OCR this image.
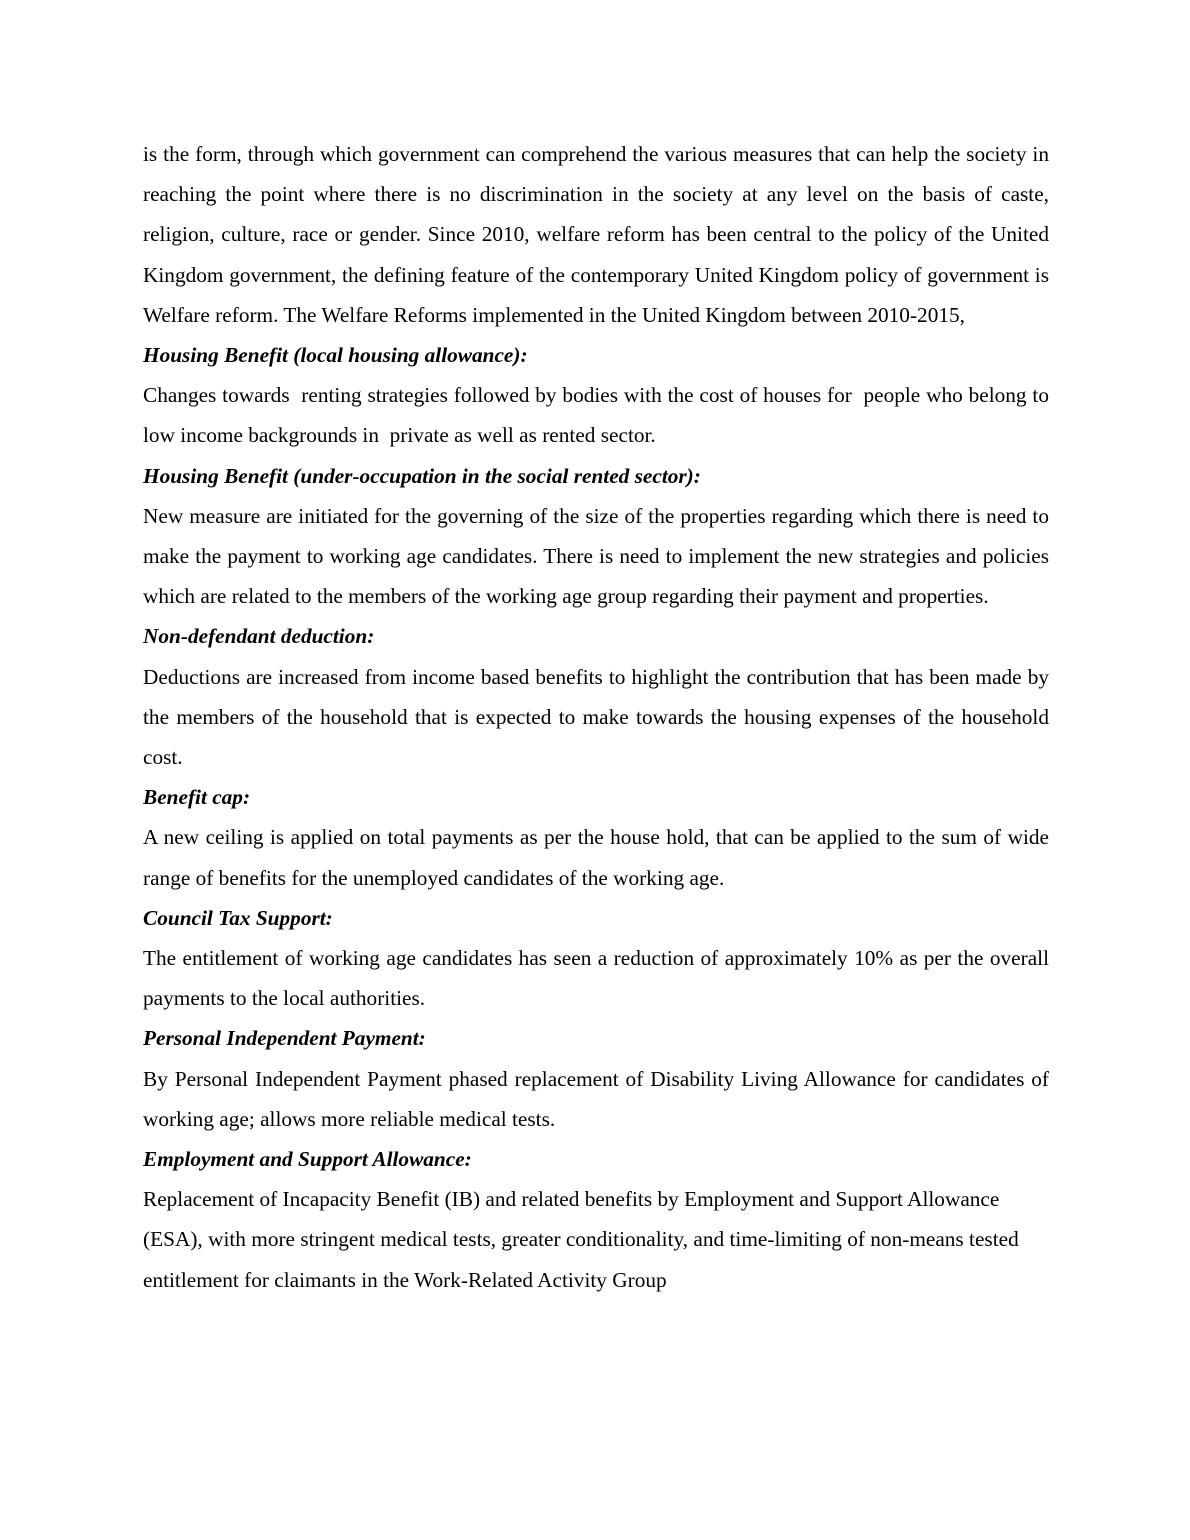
is the form, through which government can comprehend the various measures that can help the society in reaching the point where there is no discrimination in the society at any level on the basis of caste, religion, culture, race or gender. Since 2010, welfare reform has been central to the policy of the United Kingdom government, the defining feature of the contemporary United Kingdom policy of government is Welfare reform. The Welfare Reforms implemented in the United Kingdom between 2010-2015,

Housing Benefit (local housing allowance):

Changes towards  renting strategies followed by bodies with the cost of houses for  people who belong to low income backgrounds in  private as well as rented sector.

Housing Benefit (under-occupation in the social rented sector):

New measure are initiated for the governing of the size of the properties regarding which there is need to make the payment to working age candidates. There is need to implement the new strategies and policies which are related to the members of the working age group regarding their payment and properties.

Non-defendant deduction:

Deductions are increased from income based benefits to highlight the contribution that has been made by the members of the household that is expected to make towards the housing expenses of the household cost.

Benefit cap:

A new ceiling is applied on total payments as per the house hold, that can be applied to the sum of wide range of benefits for the unemployed candidates of the working age.

Council Tax Support:

The entitlement of working age candidates has seen a reduction of approximately 10% as per the overall payments to the local authorities.

Personal Independent Payment:

By Personal Independent Payment phased replacement of Disability Living Allowance for candidates of working age; allows more reliable medical tests.

Employment and Support Allowance:

Replacement of Incapacity Benefit (IB) and related benefits by Employment and Support Allowance (ESA), with more stringent medical tests, greater conditionality, and time-limiting of non-means tested entitlement for claimants in the Work-Related Activity Group
